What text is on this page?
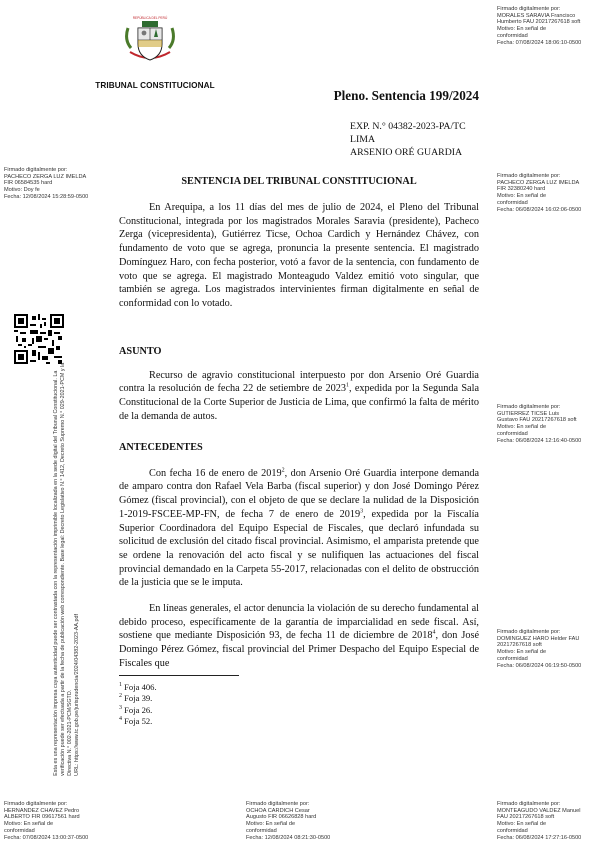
Firmado digitalmente por:
MORALES SARAVIA Francisco
Humberto FAU 20217267618 soft
Motivo: En señal de
conformidad
Fecha: 07/08/2024 18:06:10-0500
Firmado digitalmente por:
PACHECO ZERGA LUZ IMELDA
FIR 06584535 hard
Motivo: Doy fe
Fecha: 12/08/2024 15:28:59-0500
Firmado digitalmente por:
PACHECO ZERGA LUZ IMELDA
FIR 32380240 hard
Motivo: En señal de
conformidad
Fecha: 06/08/2024 16:02:06-0500
Firmado digitalmente por:
GUTIERREZ TICSE Luis
Gustavo FAU 20217267618 soft
Motivo: En señal de
conformidad
Fecha: 06/08/2024 12:16:40-0500
Firmado digitalmente por:
DOMINGUEZ HARO Helder FAU
20217267618 soft
Motivo: En señal de
conformidad
Fecha: 06/08/2024 06:19:50-0500
Firmado digitalmente por:
HERNANDEZ CHAVEZ Pedro
ALBERTO FIR 09617561 hard
Motivo: En señal de
conformidad
Fecha: 07/08/2024 13:00:37-0500
Firmado digitalmente por:
OCHOA CARDICH Cesar
Augusto FIR 06626828 hard
Motivo: En señal de
conformidad
Fecha: 12/08/2024 08:21:30-0500
Firmado digitalmente por:
MONTEAGUDO VALDEZ Manuel
FAU 20217267618 soft
Motivo: En señal de
conformidad
Fecha: 06/08/2024 17:27:16-0500
REPÚBLICA DEL PERÚ
TRIBUNAL CONSTITUCIONAL
Pleno. Sentencia 199/2024
EXP. N.° 04382-2023-PA/TC
LIMA
ARSENIO ORÉ GUARDIA
SENTENCIA DEL TRIBUNAL CONSTITUCIONAL

En Arequipa, a los 11 días del mes de julio de 2024, el Pleno del Tribunal Constitucional, integrada por los magistrados Morales Saravia (presidente), Pacheco Zerga (vicepresidenta), Gutiérrez Ticse, Ochoa Cardich y Hernández Chávez, con fundamento de voto que se agrega, pronuncia la presente sentencia. El magistrado Domínguez Haro, con fecha posterior, votó a favor de la sentencia, con fundamento de voto que se agrega. El magistrado Monteagudo Valdez emitió voto singular, que también se agrega. Los magistrados intervinientes firman digitalmente en señal de conformidad con lo votado.

ASUNTO

Recurso de agravio constitucional interpuesto por don Arsenio Oré Guardia contra la resolución de fecha 22 de setiembre de 2023$^1$, expedida por la Segunda Sala Constitucional de la Corte Superior de Justicia de Lima, que confirmó la falta de mérito de la demanda de autos.

ANTECEDENTES

Con fecha 16 de enero de 2019$^2$, don Arsenio Oré Guardia interpone demanda de amparo contra don Rafael Vela Barba (fiscal superior) y don José Domingo Pérez Gómez (fiscal provincial), con el objeto de que se declare la nulidad de la Disposición 1-2019-FSCEE-MP-FN, de fecha 7 de enero de 2019$^3$, expedida por la Fiscalía Superior Coordinadora del Equipo Especial de Fiscales, que declaró infundada su solicitud de exclusión del citado fiscal provincial. Asimismo, el amparista pretende que se ordene la renovación del acto fiscal y se nulifiquen las actuaciones del fiscal provincial demandado en la Carpeta 55-2017, relacionadas con el delito de obstrucción de la justicia que se le imputa.

En líneas generales, el actor denuncia la violación de su derecho fundamental al debido proceso, específicamente de la garantía de imparcialidad en sede fiscal. Así, sostiene que mediante Disposición 93, de fecha 11 de diciembre de 2018$^4$, don José Domingo Pérez Gómez, fiscal provincial del Primer Despacho del Equipo Especial de Fiscales que

$^1$ Foja 406.
$^2$ Foja 39.
$^3$ Foja 26.
$^4$ Foja 52.
Esta es una representación impresa cuya autenticidad puede ser contrastada con la representación imprimible localizada en la sede digital del Tribunal Constitucional. La verificación puede ser efectuada a partir de la fecha de publicación web correspondiente. Base legal: Decreto Legislativo N.° 1412, Decreto Supremo N.° 029-2021-PCM y la Directiva N.° 002-2021-PCM/SGTD.
URL: https://www.tc.gob.pe/jurisprudencia/2024/04382-2023-AA.pdf
